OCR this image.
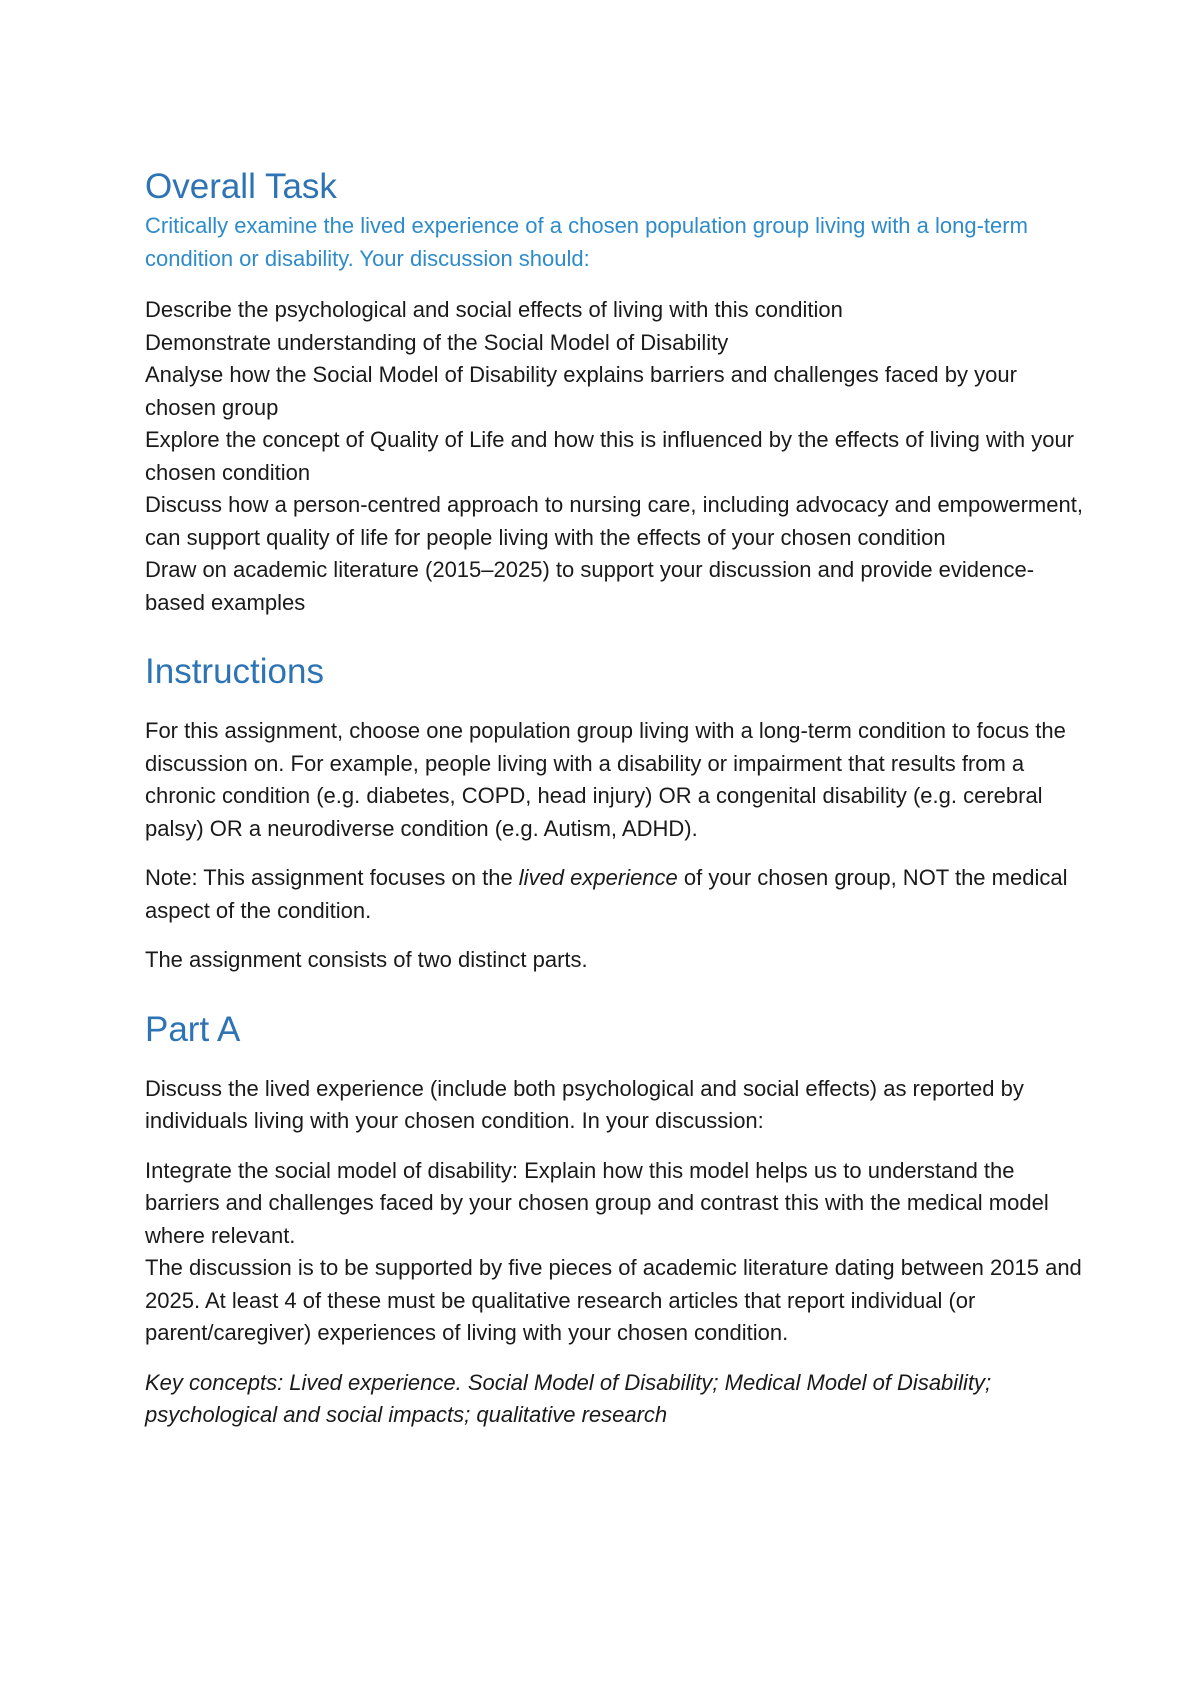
Overall Task
Critically examine the lived experience of a chosen population group living with a long-term condition or disability. Your discussion should:
Describe the psychological and social effects of living with this condition
Demonstrate understanding of the Social Model of Disability
Analyse how the Social Model of Disability explains barriers and challenges faced by your chosen group
Explore the concept of Quality of Life and how this is influenced by the effects of living with your chosen condition
Discuss how a person-centred approach to nursing care, including advocacy and empowerment, can support quality of life for people living with the effects of your chosen condition
Draw on academic literature (2015–2025) to support your discussion and provide evidence-based examples
Instructions

For this assignment, choose one population group living with a long-term condition to focus the discussion on. For example, people living with a disability or impairment that results from a chronic condition (e.g. diabetes, COPD, head injury) OR a congenital disability (e.g. cerebral palsy) OR a neurodiverse condition (e.g. Autism, ADHD).

Note: This assignment focuses on the lived experience of your chosen group, NOT the medical aspect of the condition.

The assignment consists of two distinct parts.

Part A

Discuss the lived experience (include both psychological and social effects) as reported by individuals living with your chosen condition. In your discussion:

Integrate the social model of disability: Explain how this model helps us to understand the barriers and challenges faced by your chosen group and contrast this with the medical model where relevant.
The discussion is to be supported by five pieces of academic literature dating between 2015 and 2025. At least 4 of these must be qualitative research articles that report individual (or parent/caregiver) experiences of living with your chosen condition.

Key concepts: Lived experience. Social Model of Disability; Medical Model of Disability; psychological and social impacts; qualitative research
